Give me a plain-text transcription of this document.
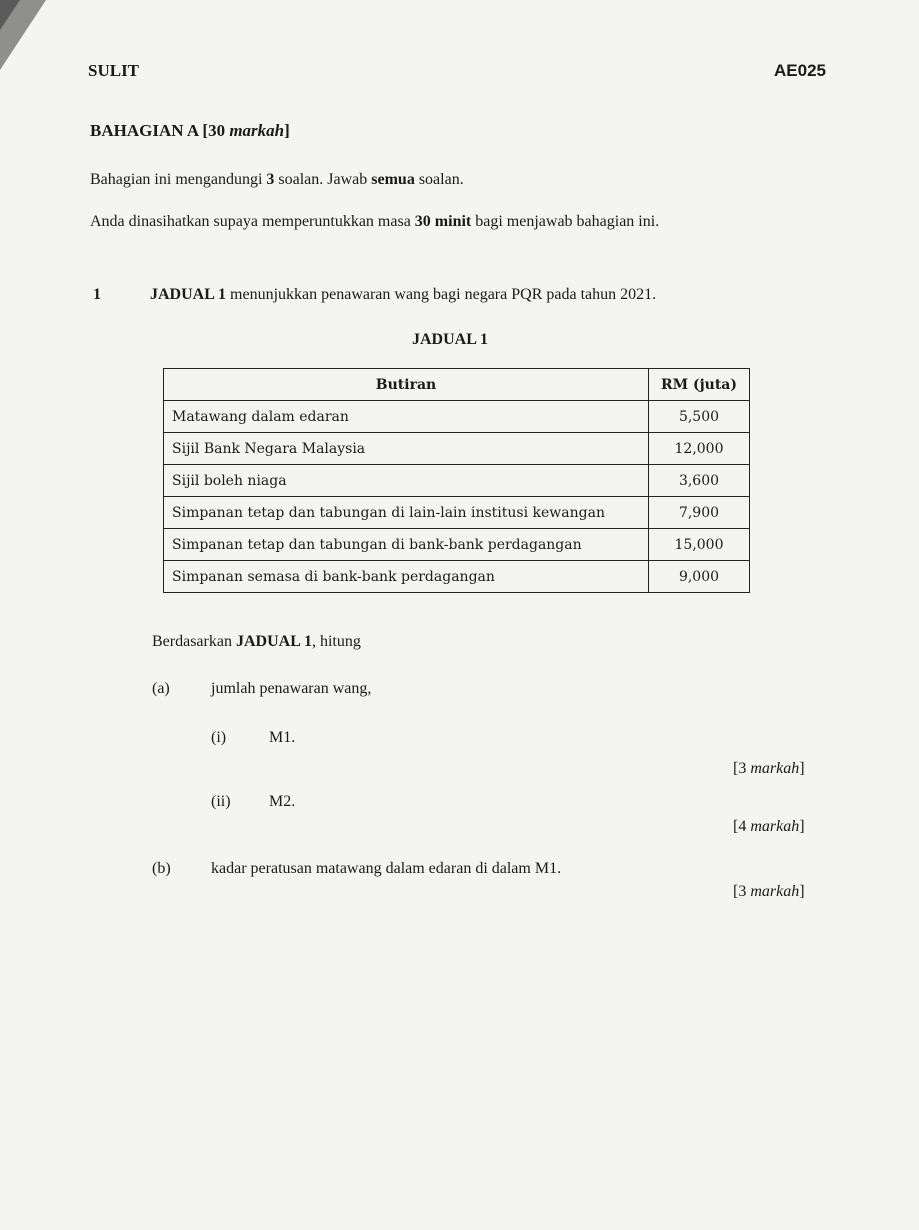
SULIT	AE025
BAHAGIAN A [30 markah]
Bahagian ini mengandungi 3 soalan. Jawab semua soalan.
Anda dinasihatkan supaya memperuntukkan masa 30 minit bagi menjawab bahagian ini.
1	JADUAL 1 menunjukkan penawaran wang bagi negara PQR pada tahun 2021.
JADUAL 1
Butiran	RM (juta)
Matawang dalam edaran	5,500
Sijil Bank Negara Malaysia	12,000
Sijil boleh niaga	3,600
Simpanan tetap dan tabungan di lain-lain institusi kewangan	7,900
Simpanan tetap dan tabungan di bank-bank perdagangan	15,000
Simpanan semasa di bank-bank perdagangan	9,000
Berdasarkan JADUAL 1, hitung
(a)	jumlah penawaran wang,
(i)	M1.
[3 markah]
(ii) M2.
[4 markah]
(b)	kadar peratusan matawang dalam edaran di dalam M1.
[3 markah]
